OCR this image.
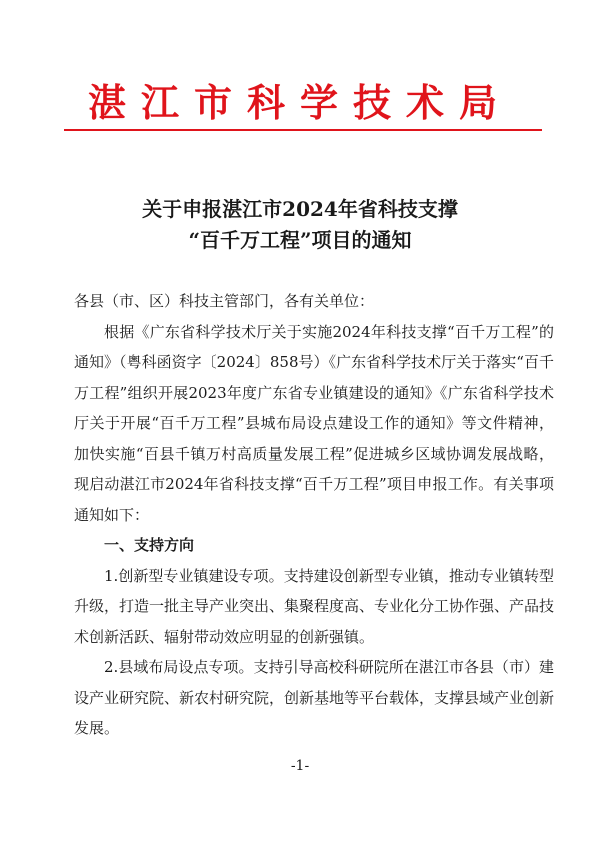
湛江市科学技术局
关于申报湛江市2024年省科技支撑
“百千万工程”项目的通知

各县（市、区）科技主管部门，各有关单位：

根据《广东省科学技术厅关于实施2024年科技支撑“百千万工程”的通知》（粤科函资字〔2024〕858号）《广东省科学技术厅关于落实“百千万工程”组织开展2023年度广东省专业镇建设的通知》《广东省科学技术厅关于开展“百千万工程”县城布局设点建设工作的通知》等文件精神，加快实施“百县千镇万村高质量发展工程”促进城乡区域协调发展战略，现启动湛江市2024年省科技支撑“百千万工程”项目申报工作。有关事项通知如下：

一、支持方向

1.创新型专业镇建设专项。支持建设创新型专业镇，推动专业镇转型升级，打造一批主导产业突出、集聚程度高、专业化分工协作强、产品技术创新活跃、辐射带动效应明显的创新强镇。

2.县域布局设点专项。支持引导高校科研院所在湛江市各县（市）建设产业研究院、新农村研究院，创新基地等平台载体，支撑县域产业创新发展。

-1-
